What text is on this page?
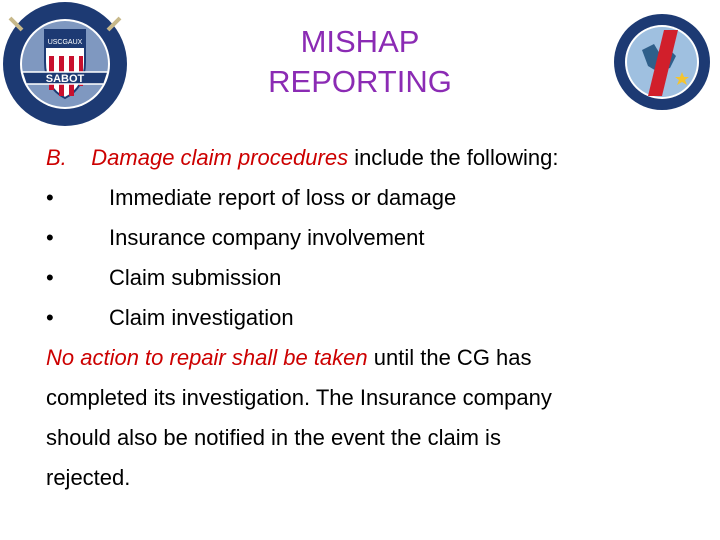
USCGAUX
SABOT
MISHAP
REPORTING
B. Damage claim procedures include the following:
•	Immediate report of loss or damage
•	Insurance company involvement
•	Claim submission
•	Claim investigation
No action to repair shall be taken until the CG has
completed its investigation. The Insurance company
should also be notified in the event the claim is
rejected.
